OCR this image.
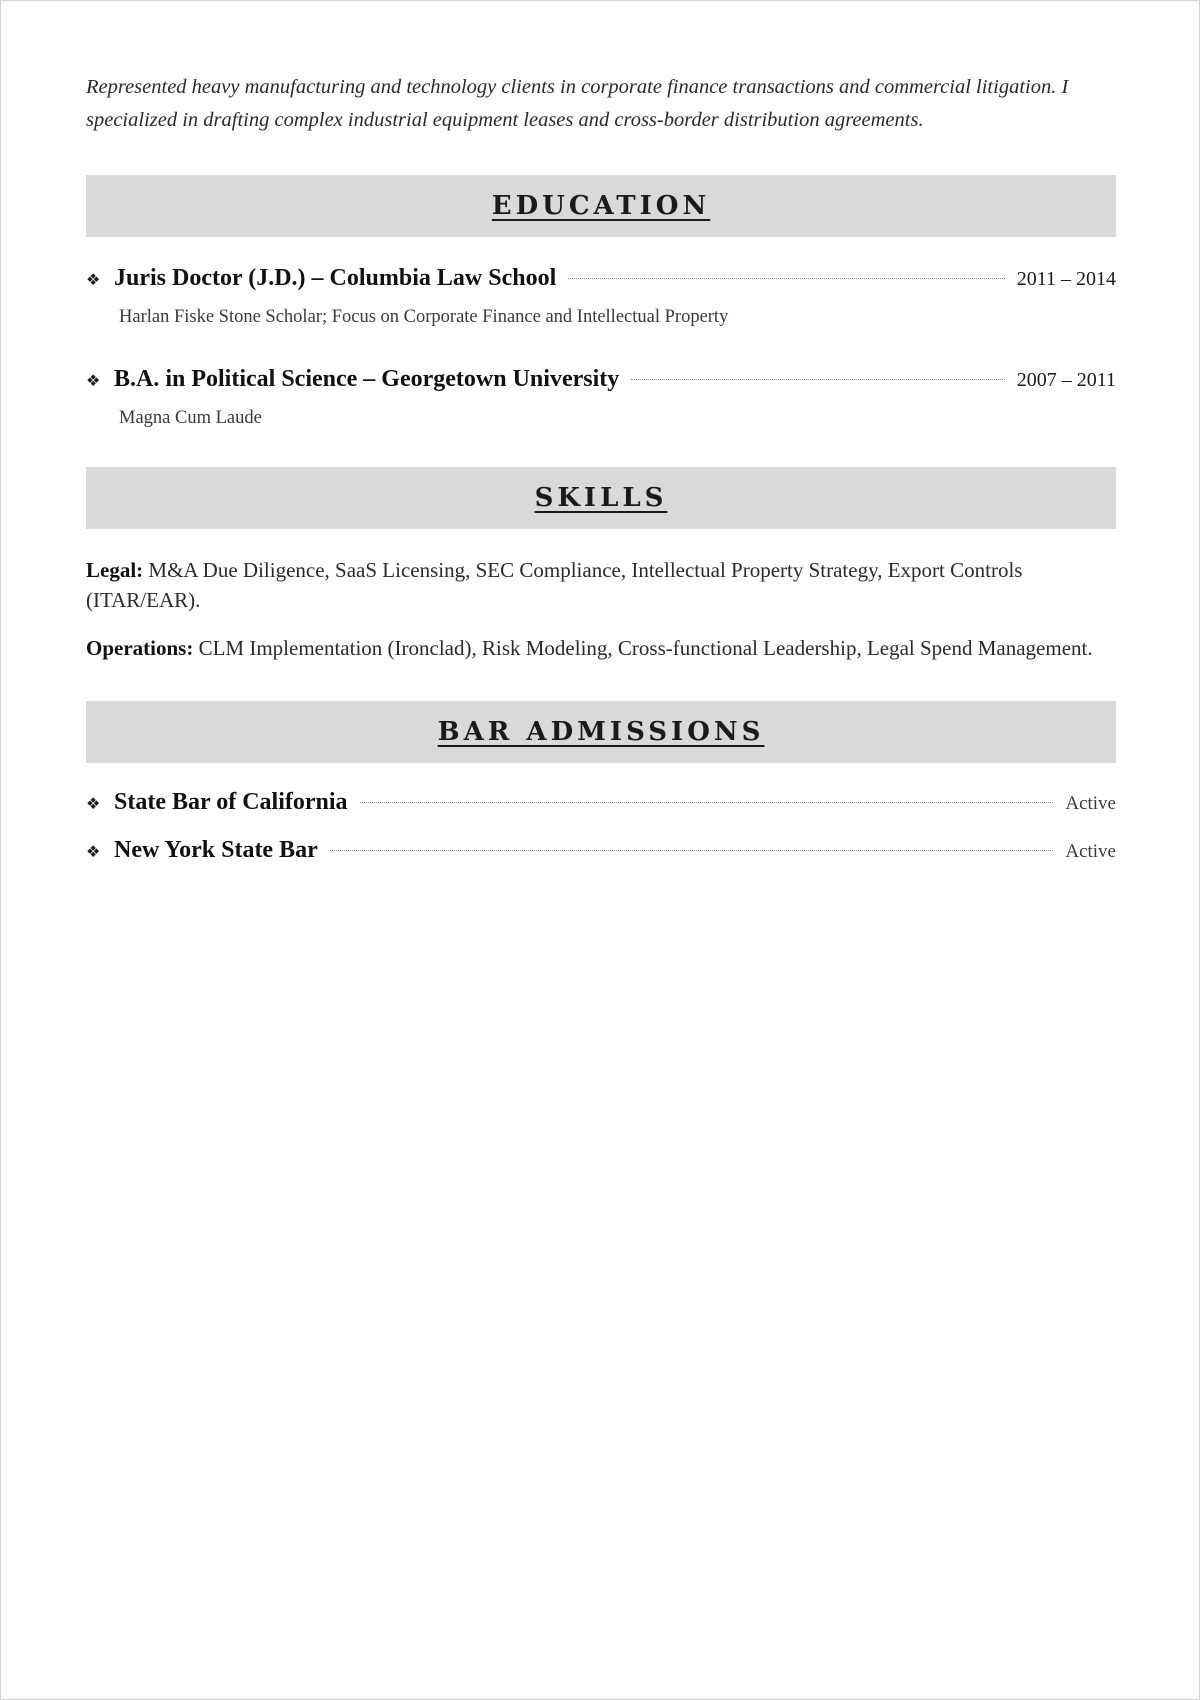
Represented heavy manufacturing and technology clients in corporate finance transactions and commercial litigation. I specialized in drafting complex industrial equipment leases and cross-border distribution agreements.

EDUCATION
❖ Juris Doctor (J.D.) – Columbia Law School	2011 – 2014
Harlan Fiske Stone Scholar; Focus on Corporate Finance and Intellectual Property
❖ B.A. in Political Science – Georgetown University	2007 – 2011
Magna Cum Laude
SKILLS

Legal: M&A Due Diligence, SaaS Licensing, SEC Compliance, Intellectual Property Strategy, Export Controls (ITAR/EAR).

Operations: CLM Implementation (Ironclad), Risk Modeling, Cross-functional Leadership, Legal Spend Management.

BAR ADMISSIONS
❖ State Bar of California	Active
❖ New York State Bar	Active
